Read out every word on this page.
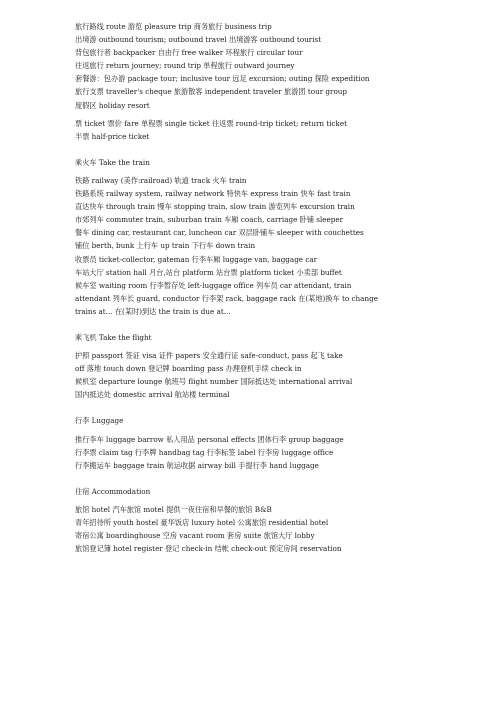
旅行路线 route 游览 pleasure trip 商务旅行 business trip
出境游 outbound tourism; outbound travel 出境游客 outbound tourist
背包旅行者 backpacker 自由行 free walker 环程旅行 circular tour
往返旅行 return journey; round trip 单程旅行 outward journey
套餐游：包办游 package tour; inclusive tour 远足 excursion; outing 探险 expedition
旅行支票 traveller's cheque 旅游散客 independent traveler 旅游团 tour group
度假区 holiday resort
票 ticket 票价 fare 单程票 single ticket 往返票 round-trip ticket; return ticket
半票 half-price ticket
乘火车 Take the train
铁路 railway (美作:railroad) 轨道 track 火车 train
铁路系统 railway system, railway network 特快车 express train 快车 fast train
直达快车 through train 慢车 stopping train, slow train 游览列车 excursion train
市郊列车 commuter train, suburban train 车厢 coach, carriage 卧铺 sleeper
餐车 dining car, restaurant car, luncheon car 双层卧铺车 sleeper with couchettes
铺位 berth, bunk 上行车 up train 下行车 down train
收票员 ticket-collector, gateman 行李车厢 luggage van, baggage car
车站大厅 station hall 月台,站台 platform 站台票 platform ticket 小卖部 buffet
候车室 waiting room 行李暂存处 left-luggage office 列车员 car attendant, train
attendant 列车长 guard, conductor 行李架 rack, baggage rack 在(某地)换车 to change
trains at... 在(某时)到达 the train is due at...
乘飞机 Take the flight
护照 passport 签证 visa 证件 papers 安全通行证 safe-conduct, pass 起飞 take
off 落地 touch down 登记牌 boarding pass 办理登机手续 check in
候机室 departure lounge 航班号 flight number 国际抵达处 international arrival
国内抵达处 domestic arrival 航站楼 terminal
行李 Luggage
推行李车 luggage barrow 私人用品 personal effects 团体行李 group baggage
行李票 claim tag 行李牌 handbag tag 行李标签 label 行李房 luggage office
行李搬运车 baggage train 航运收据 airway bill 手提行李 hand luggage
住宿 Accommodation
旅馆 hotel 汽车旅馆 motel 提供一夜住宿和早餐的旅馆 B&B
青年招待所 youth hostel 豪华饭店 luxury hotel 公寓旅馆 residential hotel
寄宿公寓 boardinghouse 空房 vacant room 套房 suite 旅馆大厅 lobby
旅馆登记簿 hotel register 登记 check-in 结帐 check-out 预定房间 reservation
